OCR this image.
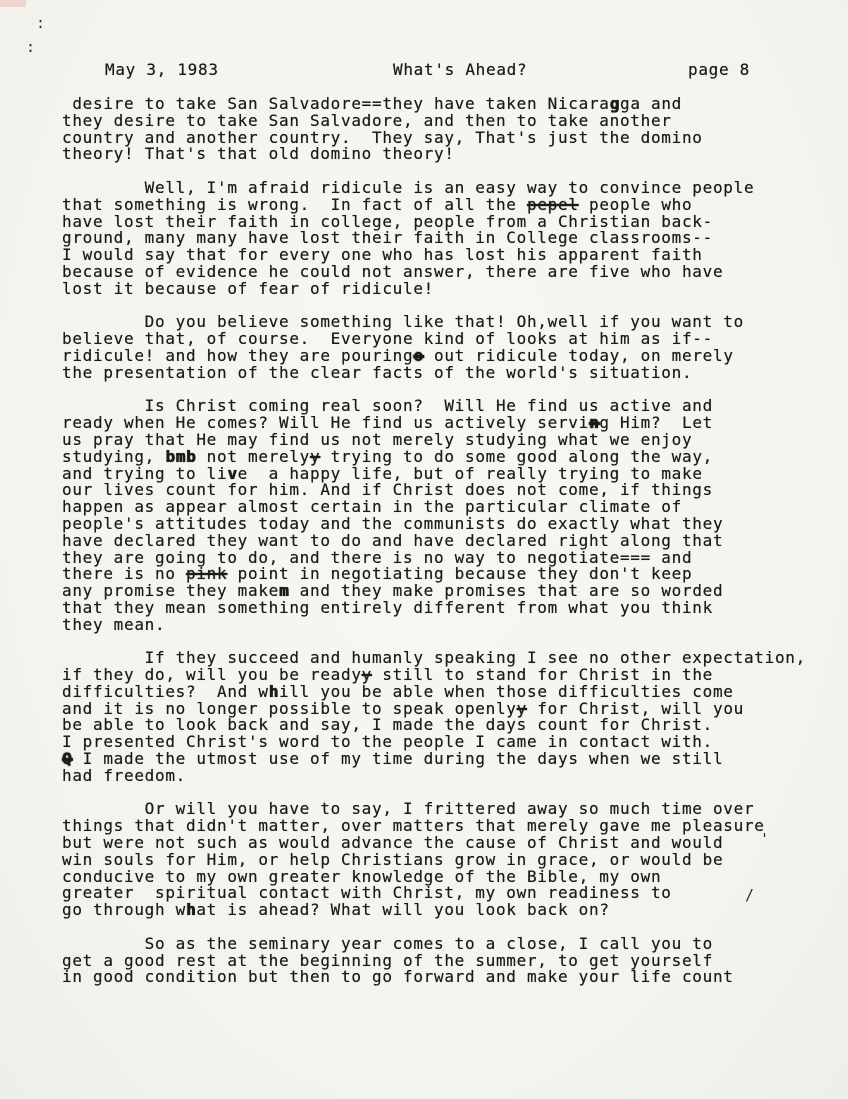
May 3, 1983	What's Ahead?	page 8
desire to take San Salvadore==they have taken Nicaragga and
they desire to take San Salvadore, and then to take another
country and another country.  They say, That's just the domino
theory! That's that old domino theory!
Well, I'm afraid ridicule is an easy way to convince people
that something is wrong.  In fact of all the pepel people who
have lost their faith in college, people from a Christian back-
ground, many many have lost their faith in College classrooms--
I would say that for every one who has lost his apparent faith
because of evidence he could not answer, there are five who have
lost it because of fear of ridicule!
Do you believe something like that! Oh,well if you want to
believe that, of course.  Everyone kind of looks at him as if--
ridicule! and how they are pouringo out ridicule today, on merely
the presentation of the clear facts of the world's situation.
Is Christ coming real soon?  Will He find us active and
ready when He comes? Will He find us actively serving Him?  Let
us pray that He may find us not merely studying what we enjoy
studying, bmb not merelyy trying to do some good along the way,
and trying to live  a happy life, but of really trying to make
our lives count for him. And if Christ does not come, if things
happen as appear almost certain in the particular climate of
people's attitudes today and the communists do exactly what they
have declared they want to do and have declared right along that
they are going to do, and there is no way to negotiate=== and
there is no pink point in negotiating because they don't keep
any promise they makem and they make promises that are so worded
that they mean something entirely different from what you think
they mean.
If they succeed and humanly speaking I see no other expectation,
if they do, will you be readyy still to stand for Christ in the
difficulties?  And whill you be able when those difficulties come
and it is no longer possible to speak openlyy for Christ, will you
be able to look back and say, I made the days count for Christ.
I presented Christ's word to the people I came in contact with.
Q I made the utmost use of my time during the days when we still
had freedom.
Or will you have to say, I frittered away so much time over
things that didn't matter, over matters that merely gave me pleasure
but were not such as would advance the cause of Christ and would
win souls for Him, or help Christians grow in grace, or would be
conducive to my own greater knowledge of the Bible, my own
greater  spiritual contact with Christ, my own readiness to
go through what is ahead? What will you look back on?
So as the seminary year comes to a close, I call you to
get a good rest at the beginning of the summer, to get yourself
in good condition but then to go forward and make your life count
:
:
'
/
